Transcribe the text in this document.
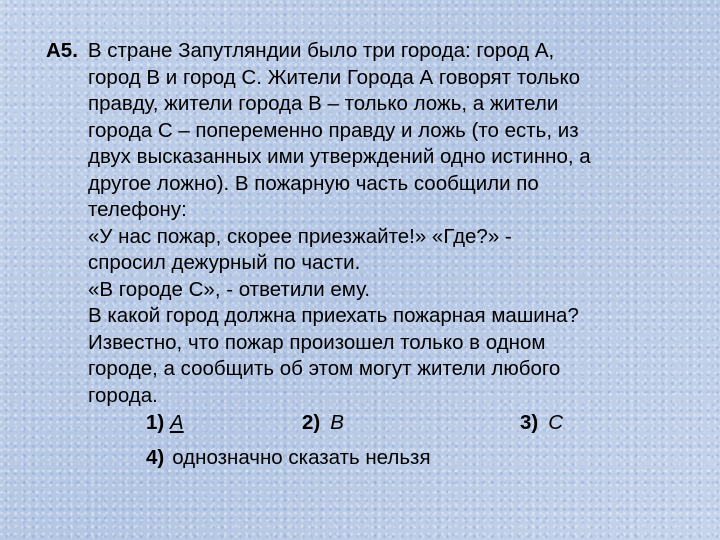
А5. В стране Запутляндии было три города: город А,
город В и город С. Жители Города А говорят только
правду, жители города В – только ложь, а жители
города С – попеременно правду и ложь (то есть, из
двух высказанных ими утверждений одно истинно, а
другое ложно). В пожарную часть сообщили по
телефону:
«У нас пожар, скорее приезжайте!» «Где?» -
спросил дежурный по части.
«В городе С», - ответили ему.
В какой город должна приехать пожарная машина?
Известно, что пожар произошел только в одном
городе, а сообщить об этом могут жители любого
города.
1) А	2) В	3) С
4) однозначно сказать нельзя
